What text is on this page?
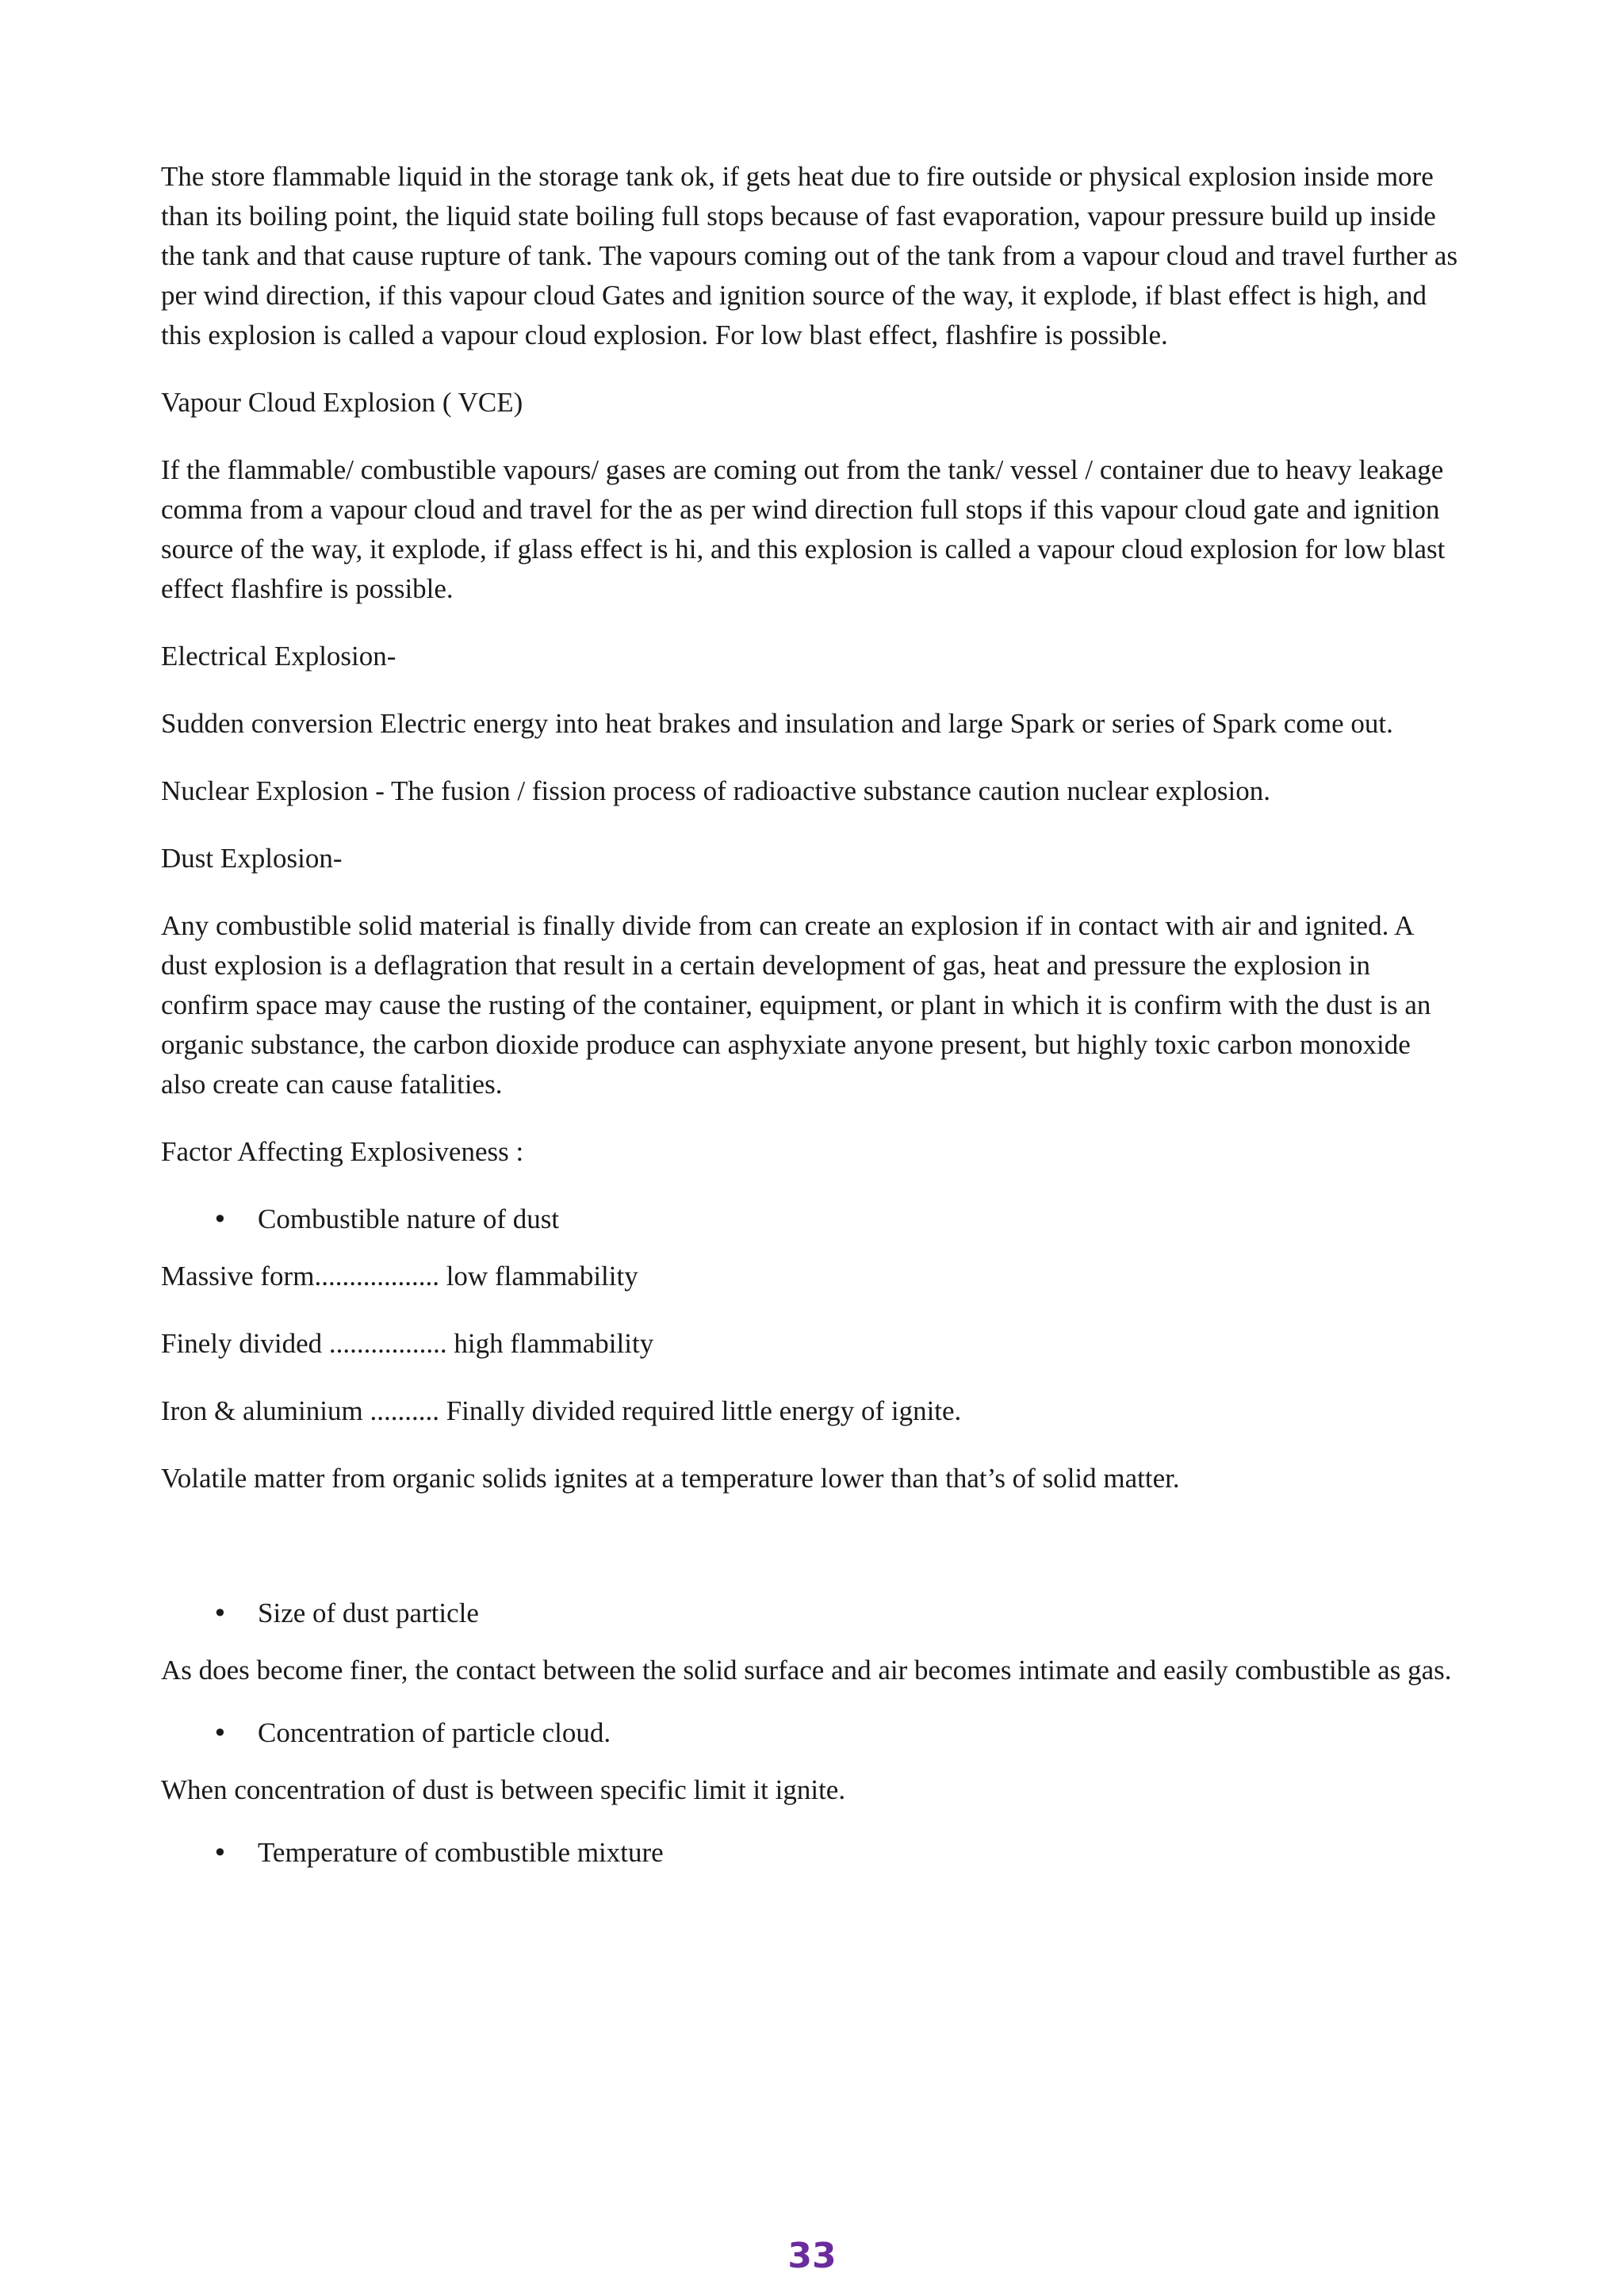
The store flammable liquid in the storage tank ok, if gets heat due to fire outside or physical explosion inside more than its boiling point, the liquid state boiling full stops because of fast evaporation, vapour pressure build up inside the tank and that cause rupture of tank. The vapours coming out of the tank from a vapour cloud and travel further as per wind direction, if this vapour cloud Gates and ignition source of the way, it explode, if blast effect is high, and this explosion is called a vapour cloud explosion. For low blast effect, flashfire is possible.

Vapour Cloud Explosion ( VCE)

If the flammable/ combustible vapours/ gases are coming out from the tank/ vessel / container due to heavy leakage comma from a vapour cloud and travel for the as per wind direction full stops if this vapour cloud gate and ignition source of the way, it explode, if glass effect is hi, and this explosion is called a vapour cloud explosion for low blast effect flashfire is possible.

Electrical Explosion-

Sudden conversion Electric energy into heat brakes and insulation and large Spark or series of Spark come out.

Nuclear Explosion - The fusion / fission process of radioactive substance caution nuclear explosion.

Dust Explosion-

Any combustible solid material is finally divide from can create an explosion if in contact with air and ignited. A dust explosion is a deflagration that result in a certain development of gas, heat and pressure the explosion in confirm space may cause the rusting of the container, equipment, or plant in which it is confirm with the dust is an organic substance, the carbon dioxide produce can asphyxiate anyone present, but highly toxic carbon monoxide also create can cause fatalities.

Factor Affecting Explosiveness :

• Combustible nature of dust

Massive form.................. low flammability

Finely divided ................. high flammability

Iron & aluminium .......... Finally divided required little energy of ignite.

Volatile matter from organic solids ignites at a temperature lower than that’s of solid matter.

• Size of dust particle

As does become finer, the contact between the solid surface and air becomes intimate and easily combustible as gas.

• Concentration of particle cloud.

When concentration of dust is between specific limit it ignite.

• Temperature of combustible mixture
33
